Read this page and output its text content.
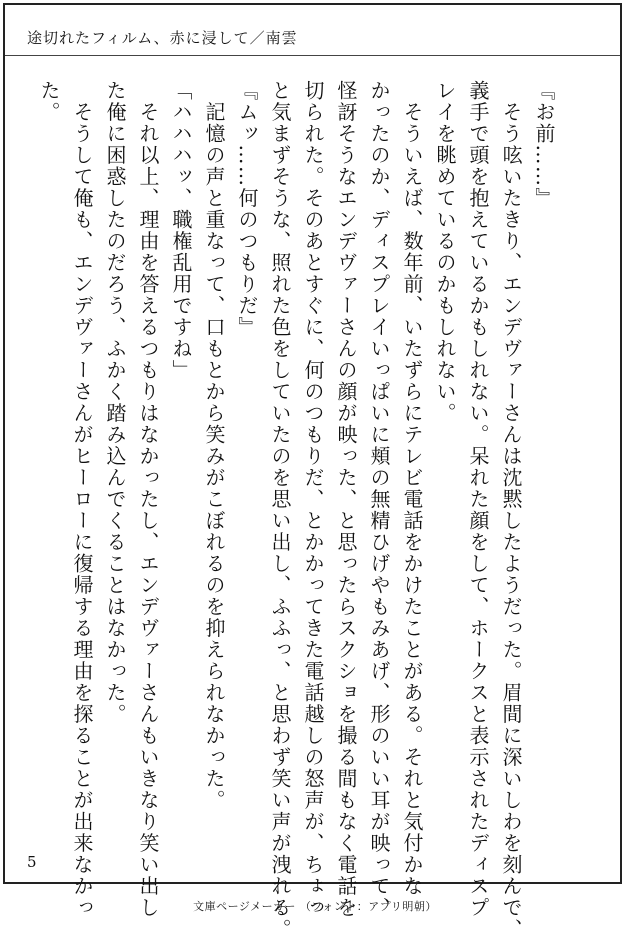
途切れたフィルム、赤に浸して／南雲

『お前……』

　そう呟いたきり、エンデヴァーさんは沈黙したようだった。眉間に深いしわを刻んで、

義手で頭を抱えているかもしれない。呆れた顔をして、ホークスと表示されたディスプ

レイを眺めているのかもしれない。

　そういえば、数年前、いたずらにテレビ電話をかけたことがある。それと気付かな

かったのか、ディスプレイいっぱいに頬の無精ひげやもみあげ、形のいい耳が映って、

怪訝そうなエンデヴァーさんの顔が映った、と思ったらスクショを撮る間もなく電話を

切られた。そのあとすぐに、何のつもりだ、とかかってきた電話越しの怒声が、ちょっ

と気まずそうな、照れた色をしていたのを思い出し、ふふっ、と思わず笑い声が洩れる。

『ムッ……何のつもりだ』

　記憶の声と重なって、口もとから笑みがこぼれるのを抑えられなかった。

「ハハハッ、職権乱用ですね」

　それ以上、理由を答えるつもりはなかったし、エンデヴァーさんもいきなり笑い出し

た俺に困惑したのだろう、ふかく踏み込んでくることはなかった。

　そうして俺も、エンデヴァーさんがヒーローに復帰する理由を探ることが出来なかっ

た。

5
文庫ページメーカー （フォント：アプリ明朝）
